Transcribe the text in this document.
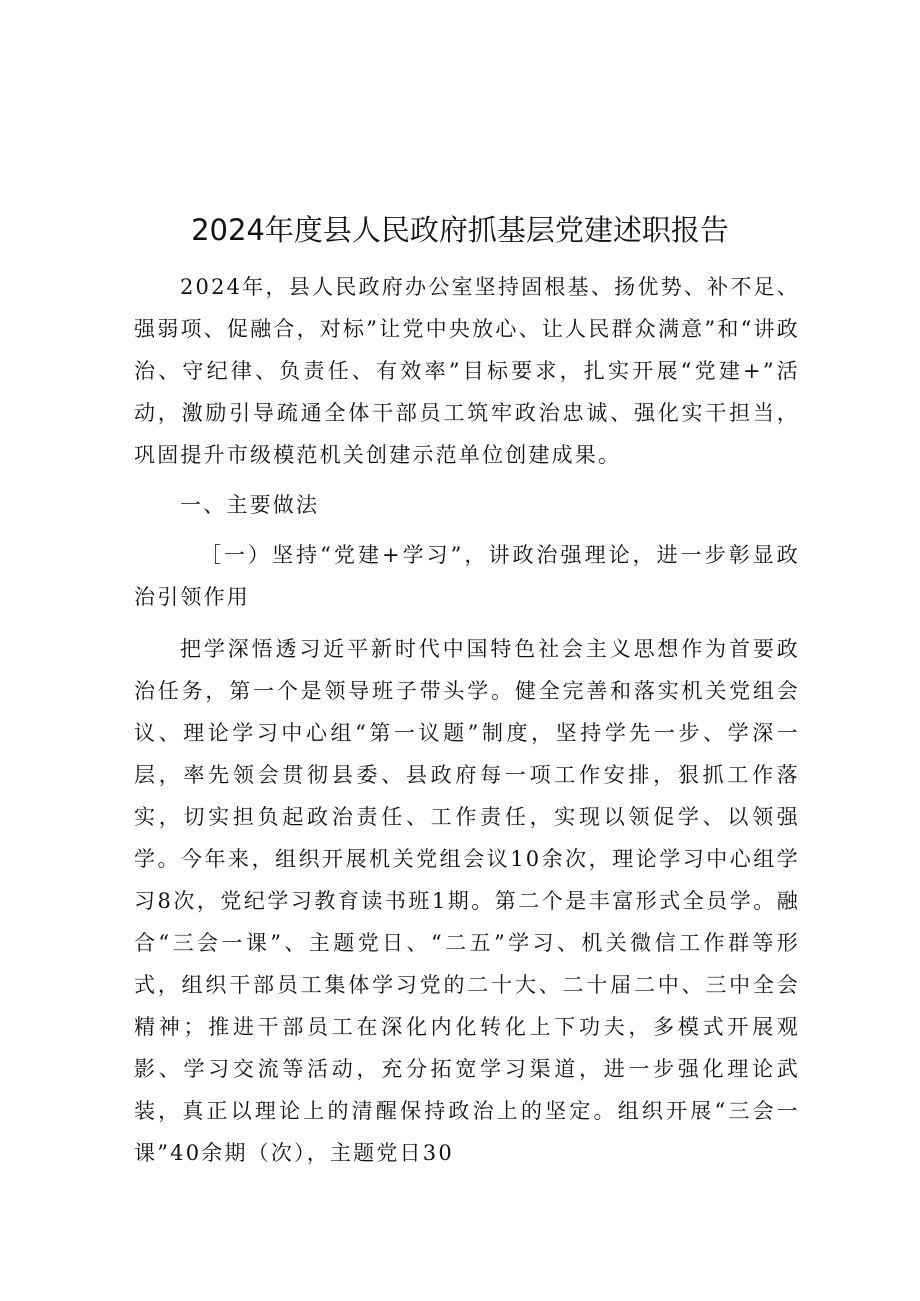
2024年度县人民政府抓基层党建述职报告
2024年，县人民政府办公室坚持固根基、扬优势、补不足、强弱项、促融合，对标”让党中央放心、让人民群众满意”和“讲政治、守纪律、负责任、有效率”目标要求，扎实开展“党建+”活动，激励引导疏通全体干部员工筑牢政治忠诚、强化实干担当，巩固提升市级模范机关创建示范单位创建成果。
一、主要做法
［一）坚持“党建+学习”，讲政治强理论，进一步彰显政治引领作用
把学深悟透习近平新时代中国特色社会主义思想作为首要政治任务，第一个是领导班子带头学。健全完善和落实机关党组会议、理论学习中心组“第一议题”制度，坚持学先一步、学深一层，率先领会贯彻县委、县政府每一项工作安排，狠抓工作落实，切实担负起政治责任、工作责任，实现以领促学、以领强学。今年来，组织开展机关党组会议10余次，理论学习中心组学习8次，党纪学习教育读书班1期。第二个是丰富形式全员学。融合“三会一课”、主题党日、“二五”学习、机关微信工作群等形式，组织干部员工集体学习党的二十大、二十届二中、三中全会精神；推进干部员工在深化内化转化上下功夫，多模式开展观影、学习交流等活动，充分拓宽学习渠道，进一步强化理论武装，真正以理论上的清醒保持政治上的坚定。组织开展“三会一课”40余期（次），主题党日30
